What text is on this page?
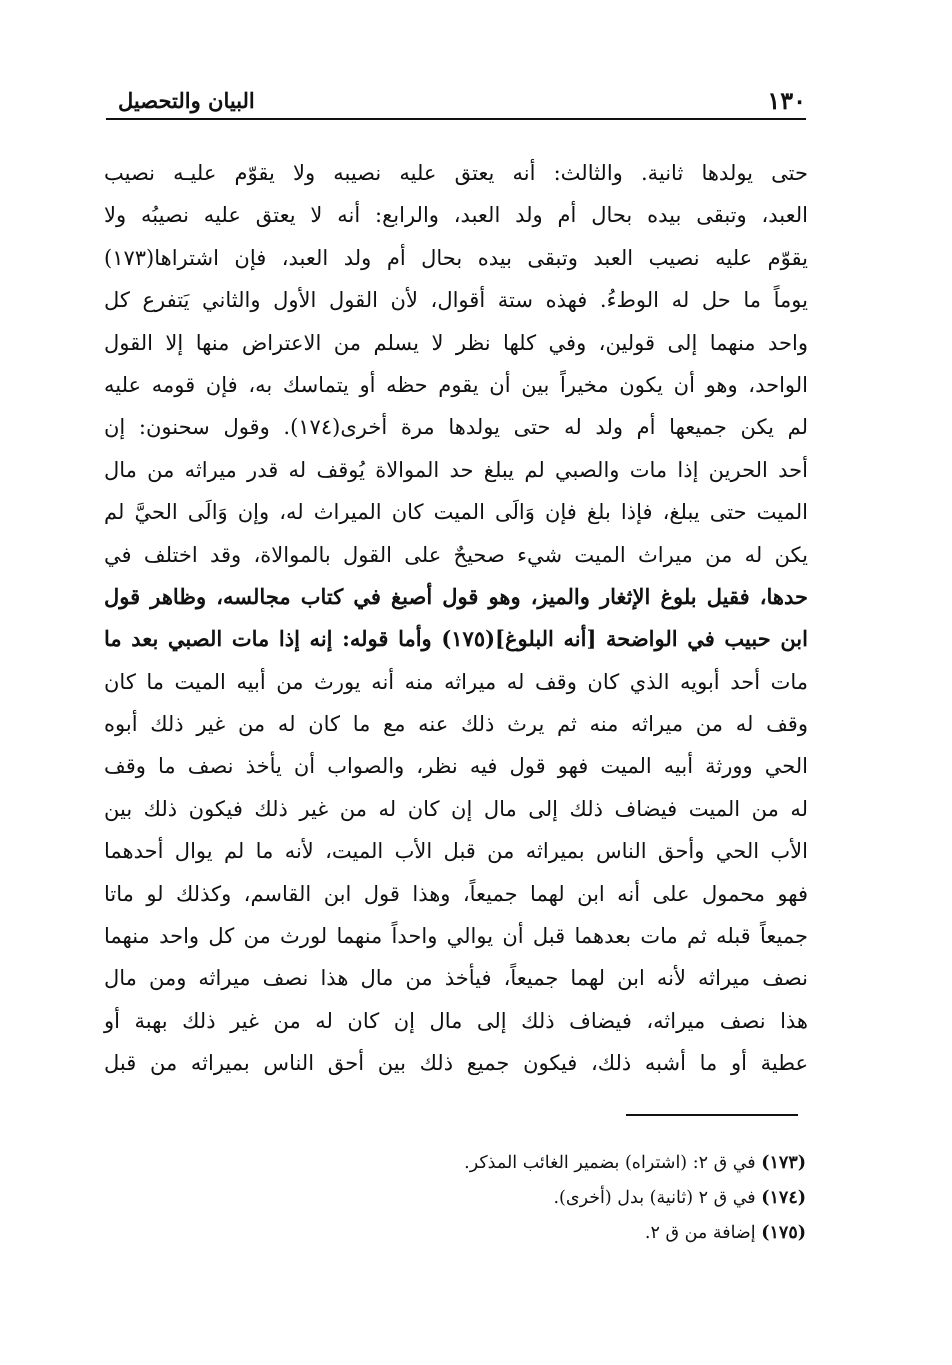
١٣٠
البيان والتحصيل
حتى يولدها ثانية. والثالث: أنه يعتق عليه نصيبه ولا يقوّم عليـه نصيب
العبد، وتبقى بيده بحال أم ولد العبد، والرابع: أنه لا يعتق عليه نصيبُه ولا
يقوّم عليه نصيب العبد وتبقى بيده بحال أم ولد العبد، فإن اشتراها(١٧٣)
يوماً ما حل له الوطءُ. فهذه ستة أقوال، لأن القول الأول والثاني يَتفرع كل
واحد منهما إلى قولين، وفي كلها نظر لا يسلم من الاعتراض منها إلا القول
الواحد، وهو أن يكون مخيراً بين أن يقوم حظه أو يتماسك به، فإن قومه عليه
لم يكن جميعها أم ولد له حتى يولدها مرة أخرى(١٧٤). وقول سحنون: إن
أحد الحرين إذا مات والصبي لم يبلغ حد الموالاة يُوقف له قدر ميراثه من مال
الميت حتى يبلغ، فإذا بلغ فإن وَالَى الميت كان الميراث له، وإن وَالَى الحيَّ لم
يكن له من ميراث الميت شيء صحيحٌ على القول بالموالاة، وقد اختلف في
حدها، فقيل بلوغ الإثغار والميز، وهو قول أصبغ في كتاب مجالسه، وظاهر قول
ابن حبيب في الواضحة [أنه البلوغ](١٧٥) وأما قوله: إنه إذا مات الصبي بعد ما
مات أحد أبويه الذي كان وقف له ميراثه منه أنه يورث من أبيه الميت ما كان
وقف له من ميراثه منه ثم يرث ذلك عنه مع ما كان له من غير ذلك أبوه
الحي وورثة أبيه الميت فهو قول فيه نظر، والصواب أن يأخذ نصف ما وقف
له من الميت فيضاف ذلك إلى مال إن كان له من غير ذلك فيكون ذلك بين
الأب الحي وأحق الناس بميراثه من قبل الأب الميت، لأنه ما لم يوال أحدهما
فهو محمول على أنه ابن لهما جميعاً، وهذا قول ابن القاسم، وكذلك لو ماتا
جميعاً قبله ثم مات بعدهما قبل أن يوالي واحداً منهما لورث من كل واحد منهما
نصف ميراثه لأنه ابن لهما جميعاً، فيأخذ من مال هذا نصف ميراثه ومن مال
هذا نصف ميراثه، فيضاف ذلك إلى مال إن كان له من غير ذلك بهبة أو
عطية أو ما أشبه ذلك، فيكون جميع ذلك بين أحق الناس بميراثه من قبل
(١٧٣) في ق ٢: (اشتراه) بضمير الغائب المذكر.
(١٧٤) في ق ٢ (ثانية) بدل (أخرى).
(١٧٥) إضافة من ق ٢.
